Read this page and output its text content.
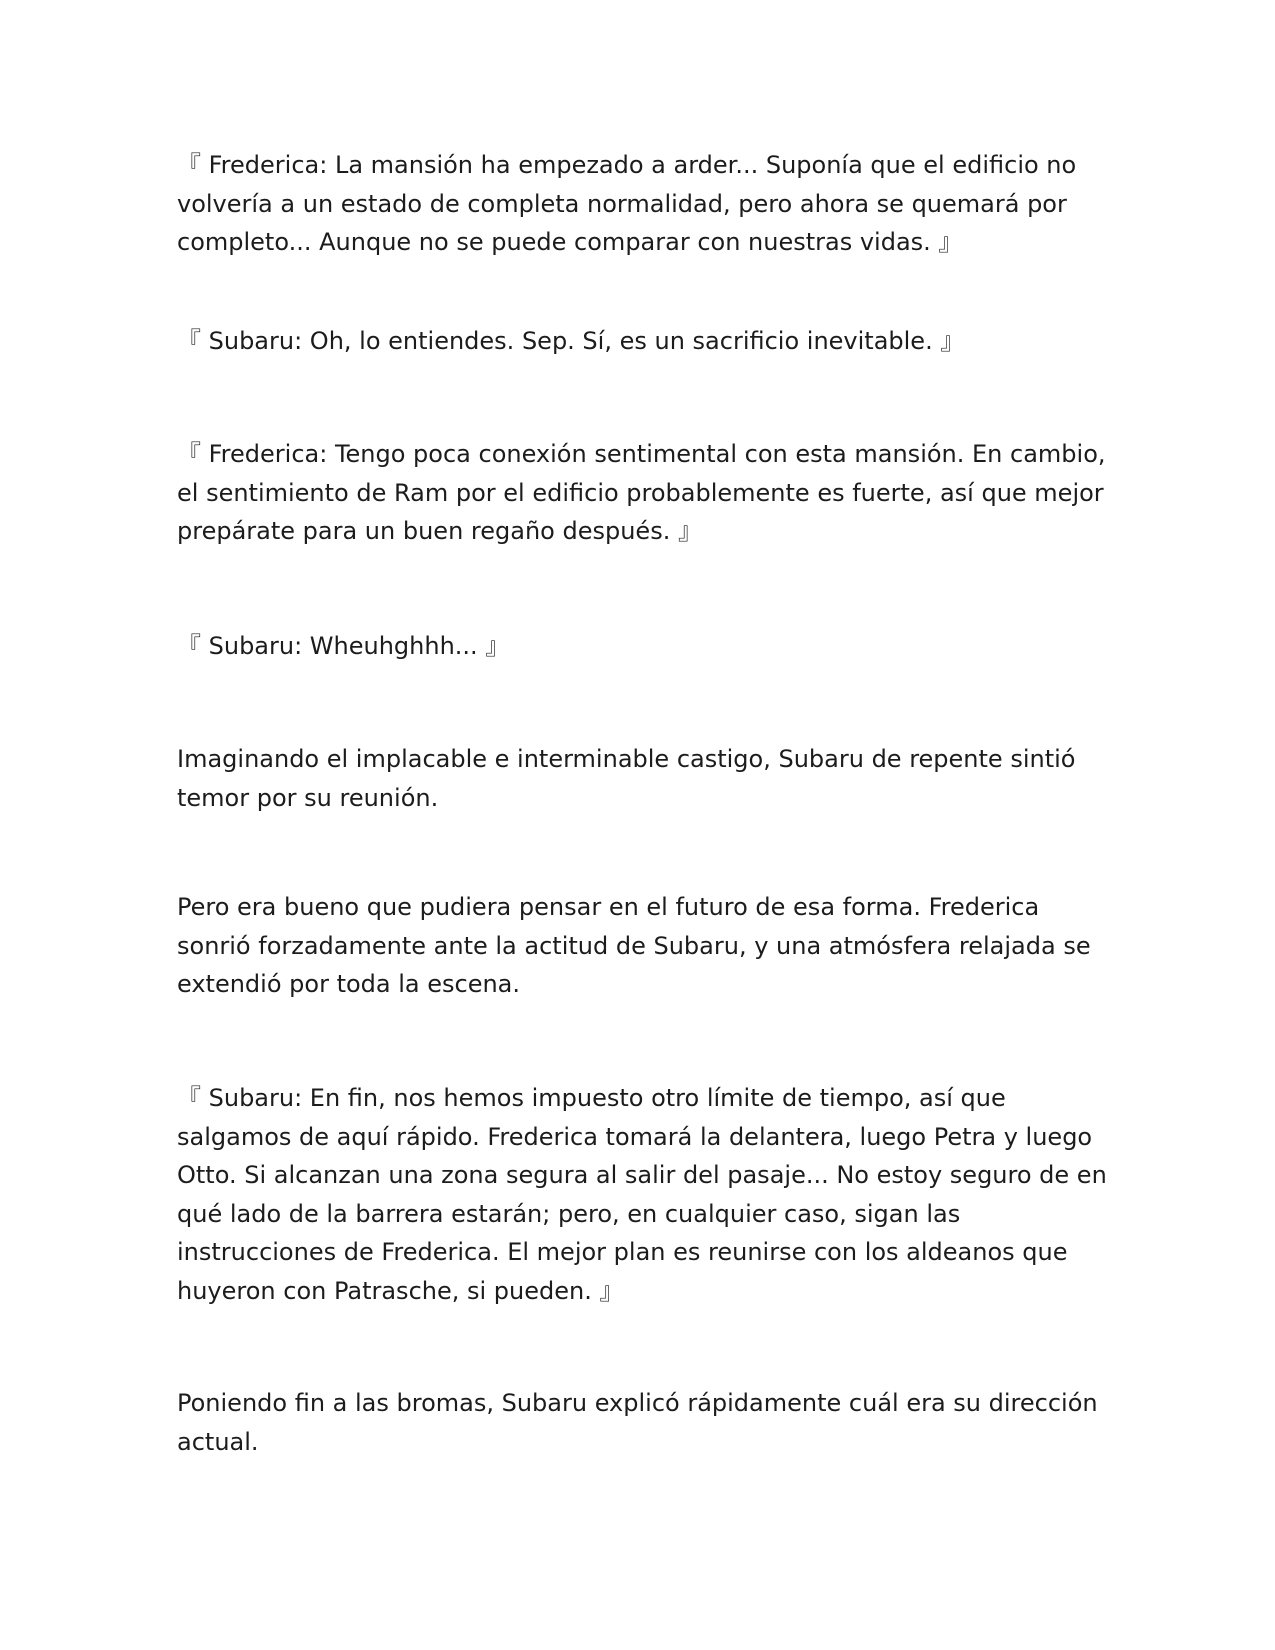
『 Frederica: La mansión ha empezado a arder... Suponía que el edificio no volvería a un estado de completa normalidad, pero ahora se quemará por completo... Aunque no se puede comparar con nuestras vidas. 』

『 Subaru: Oh, lo entiendes. Sep. Sí, es un sacrificio inevitable. 』

『 Frederica: Tengo poca conexión sentimental con esta mansión. En cambio, el sentimiento de Ram por el edificio probablemente es fuerte, así que mejor prepárate para un buen regaño después. 』

『 Subaru: Wheuhghhh... 』

Imaginando el implacable e interminable castigo, Subaru de repente sintió temor por su reunión.

Pero era bueno que pudiera pensar en el futuro de esa forma. Frederica sonrió forzadamente ante la actitud de Subaru, y una atmósfera relajada se extendió por toda la escena.

『 Subaru: En fin, nos hemos impuesto otro límite de tiempo, así que salgamos de aquí rápido. Frederica tomará la delantera, luego Petra y luego Otto. Si alcanzan una zona segura al salir del pasaje... No estoy seguro de en qué lado de la barrera estarán; pero, en cualquier caso, sigan las instrucciones de Frederica. El mejor plan es reunirse con los aldeanos que huyeron con Patrasche, si pueden. 』

Poniendo fin a las bromas, Subaru explicó rápidamente cuál era su dirección actual.
